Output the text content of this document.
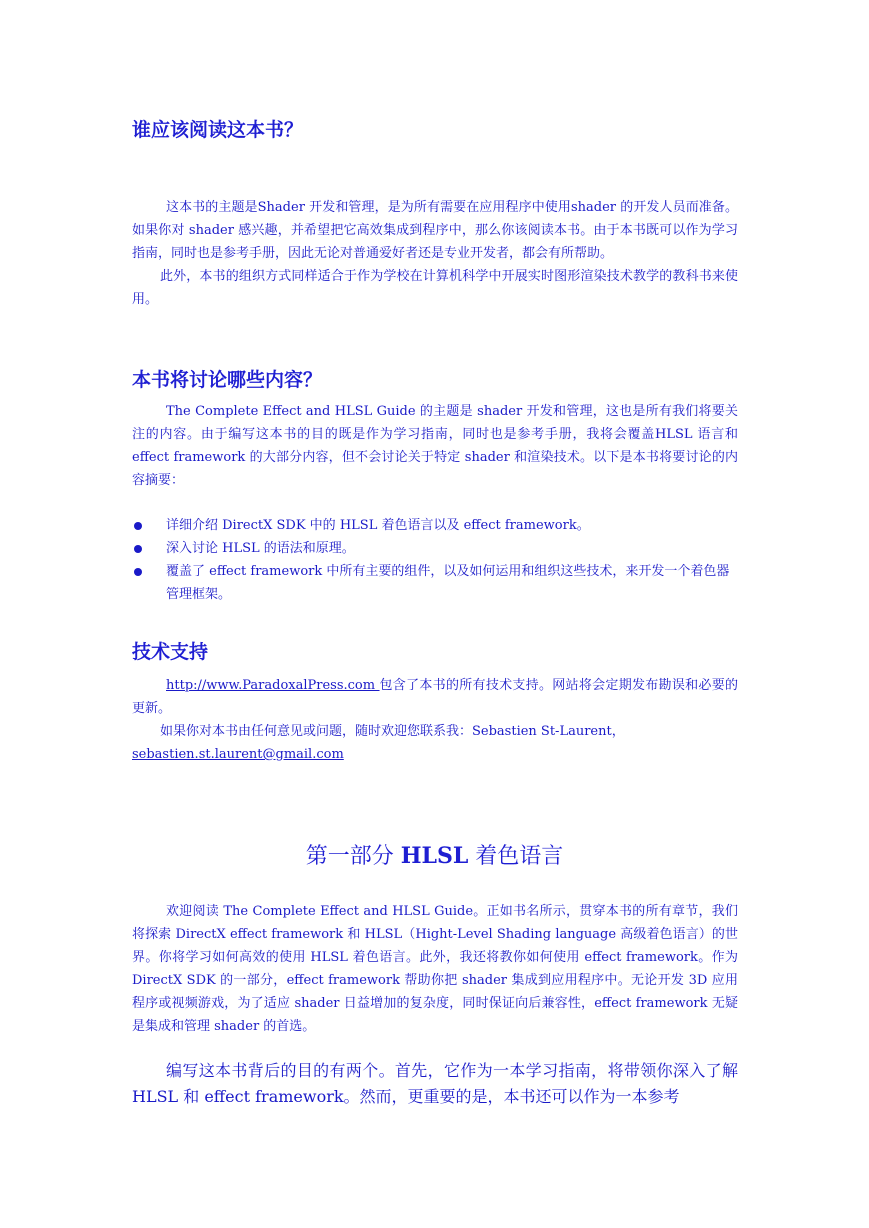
谁应该阅读这本书？

这本书的主题是Shader 开发和管理，是为所有需要在应用程序中使用shader 的开发人员而准备。如果你对 shader 感兴趣，并希望把它高效集成到程序中，那么你该阅读本书。由于本书既可以作为学习指南，同时也是参考手册，因此无论对普通爱好者还是专业开发者，都会有所帮助。

此外，本书的组织方式同样适合于作为学校在计算机科学中开展实时图形渲染技术教学的教科书来使用。

本书将讨论哪些内容？

The Complete Effect and HLSL Guide 的主题是 shader 开发和管理，这也是所有我们将要关注的内容。由于编写这本书的目的既是作为学习指南，同时也是参考手册，我将会覆盖HLSL 语言和 effect framework 的大部分内容，但不会讨论关于特定 shader 和渲染技术。以下是本书将要讨论的内容摘要：

详细介绍 DirectX SDK 中的 HLSL 着色语言以及 effect framework。
深入讨论 HLSL 的语法和原理。
覆盖了 effect framework 中所有主要的组件，以及如何运用和组织这些技术，来开发一个着色器管理框架。
技术支持

http://www.ParadoxalPress.com 包含了本书的所有技术支持。网站将会定期发布勘误和必要的更新。

如果你对本书由任何意见或问题，随时欢迎您联系我：Sebastien St-Laurent，

sebastien.st.laurent@gmail.com

第一部分 HLSL 着色语言

欢迎阅读 The Complete Effect and HLSL Guide。正如书名所示，贯穿本书的所有章节，我们将探索 DirectX effect framework 和 HLSL（Hight-Level Shading language 高级着色语言）的世界。你将学习如何高效的使用 HLSL 着色语言。此外，我还将教你如何使用 effect framework。作为 DirectX SDK 的一部分，effect framework 帮助你把 shader 集成到应用程序中。无论开发 3D 应用程序或视频游戏，为了适应 shader 日益增加的复杂度，同时保证向后兼容性，effect framework 无疑是集成和管理 shader 的首选。

编写这本书背后的目的有两个。首先，它作为一本学习指南，将带领你深入了解 HLSL 和 effect framework。然而，更重要的是，本书还可以作为一本参考
